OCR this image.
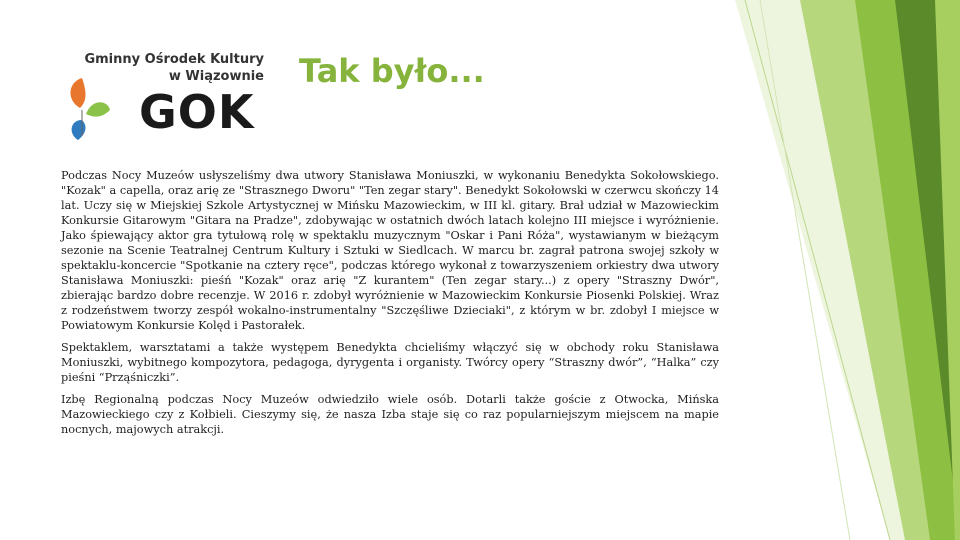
Gminny Ośrodek Kultury
w Wiązownie
GOK
Tak było...

Podczas Nocy Muzeów usłyszeliśmy dwa utwory Stanisława Moniuszki, w wykonaniu Benedykta Sokołowskiego. "Kozak" a capella, oraz arię ze "Strasznego Dworu" "Ten zegar stary". Benedykt Sokołowski w czerwcu skończy 14 lat. Uczy się w Miejskiej Szkole Artystycznej w Mińsku Mazowieckim, w III kl. gitary. Brał udział w Mazowieckim Konkursie Gitarowym "Gitara na Pradze", zdobywając w ostatnich dwóch latach kolejno III miejsce i wyróżnienie. Jako śpiewający aktor gra tytułową rolę w spektaklu muzycznym "Oskar i Pani Róża", wystawianym w bieżącym sezonie na Scenie Teatralnej Centrum Kultury i Sztuki w Siedlcach. W marcu br. zagrał patrona swojej szkoły w spektaklu-koncercie "Spotkanie na cztery ręce", podczas którego wykonał z towarzyszeniem orkiestry dwa utwory Stanisława Moniuszki: pieśń "Kozak" oraz arię "Z kurantem" (Ten zegar stary...) z opery "Straszny Dwór", zbierając bardzo dobre recenzje. W 2016 r. zdobył wyróżnienie w Mazowieckim Konkursie Piosenki Polskiej. Wraz z rodzeństwem tworzy zespół wokalno-instrumentalny "Szczęśliwe Dzieciaki", z którym w br. zdobył I miejsce w Powiatowym Konkursie Kolęd i Pastorałek.

Spektaklem, warsztatami a także występem Benedykta chcieliśmy włączyć się w obchody roku Stanisława Moniuszki, wybitnego kompozytora, pedagoga, dyrygenta i organisty. Twórcy opery “Straszny dwór”, “Halka” czy pieśni “Prząśniczki”.

Izbę Regionalną podczas Nocy Muzeów odwiedziło wiele osób. Dotarli także goście z Otwocka, Mińska Mazowieckiego czy z Kołbieli. Cieszymy się, że nasza Izba staje się co raz popularniejszym miejscem na mapie nocnych, majowych atrakcji.
